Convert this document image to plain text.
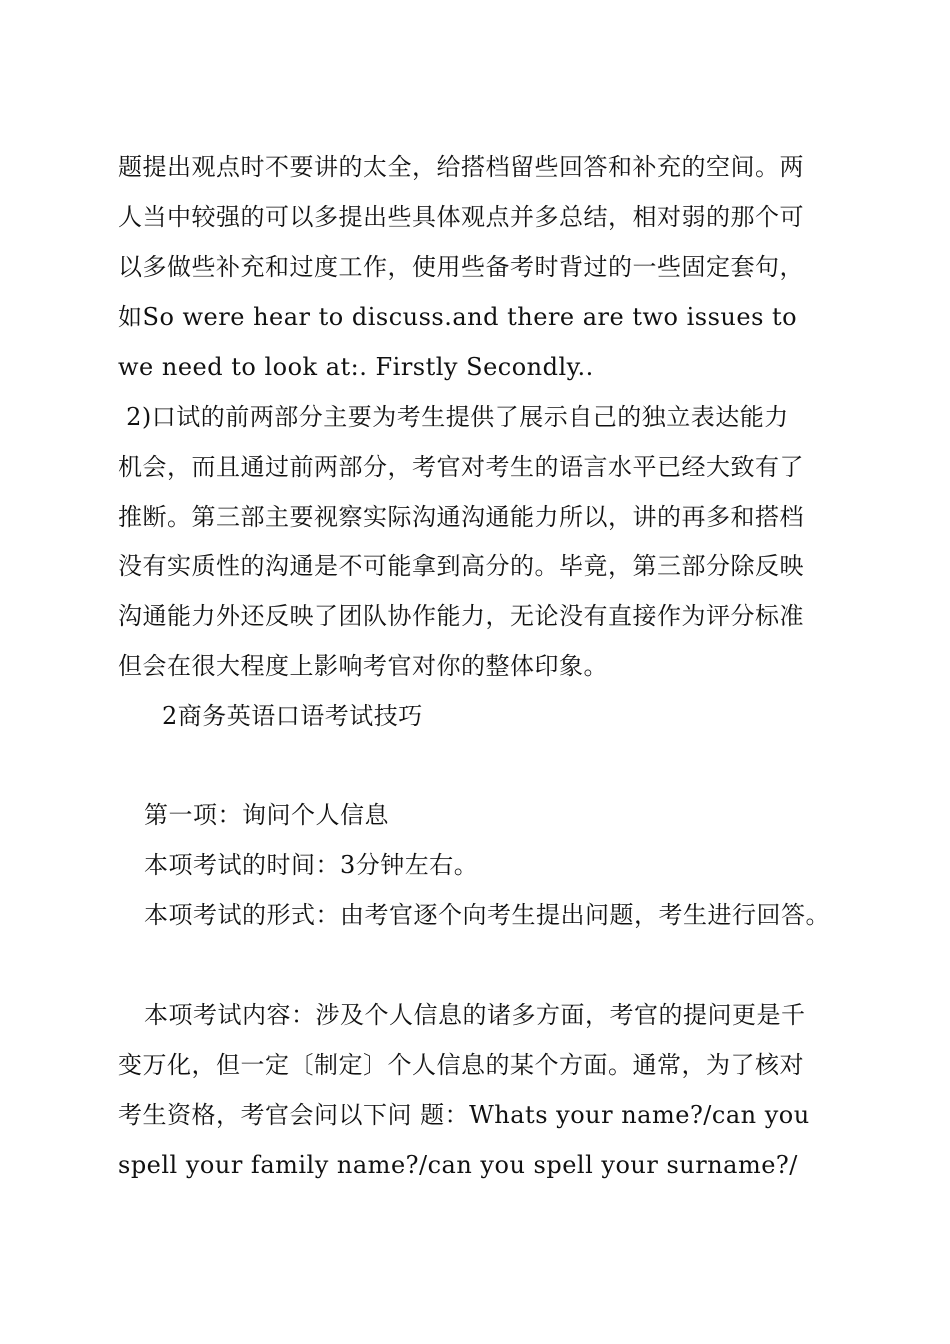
题提出观点时不要讲的太全，给搭档留些回答和补充的空间。两
人当中较强的可以多提出些具体观点并多总结，相对弱的那个可
以多做些补充和过度工作，使用些备考时背过的一些固定套句，
如So were hear to discuss.and there are two issues to
we need to look at:. Firstly Secondly..
2)口试的前两部分主要为考生提供了展示自己的独立表达能力
机会，而且通过前两部分，考官对考生的语言水平已经大致有了
推断。第三部主要视察实际沟通沟通能力所以，讲的再多和搭档
没有实质性的沟通是不可能拿到高分的。毕竟，第三部分除反映
沟通能力外还反映了团队协作能力，无论没有直接作为评分标准
但会在很大程度上影响考官对你的整体印象。
2商务英语口语考试技巧
第一项：询问个人信息
本项考试的时间：3分钟左右。
本项考试的形式：由考官逐个向考生提出问题，考生进行回答。
本项考试内容：涉及个人信息的诸多方面，考官的提问更是千
变万化，但一定〔制定〕个人信息的某个方面。通常，为了核对
考生资格，考官会问以下问 题：Whats your name?/can you
spell your family name?/can you spell your surname?/
